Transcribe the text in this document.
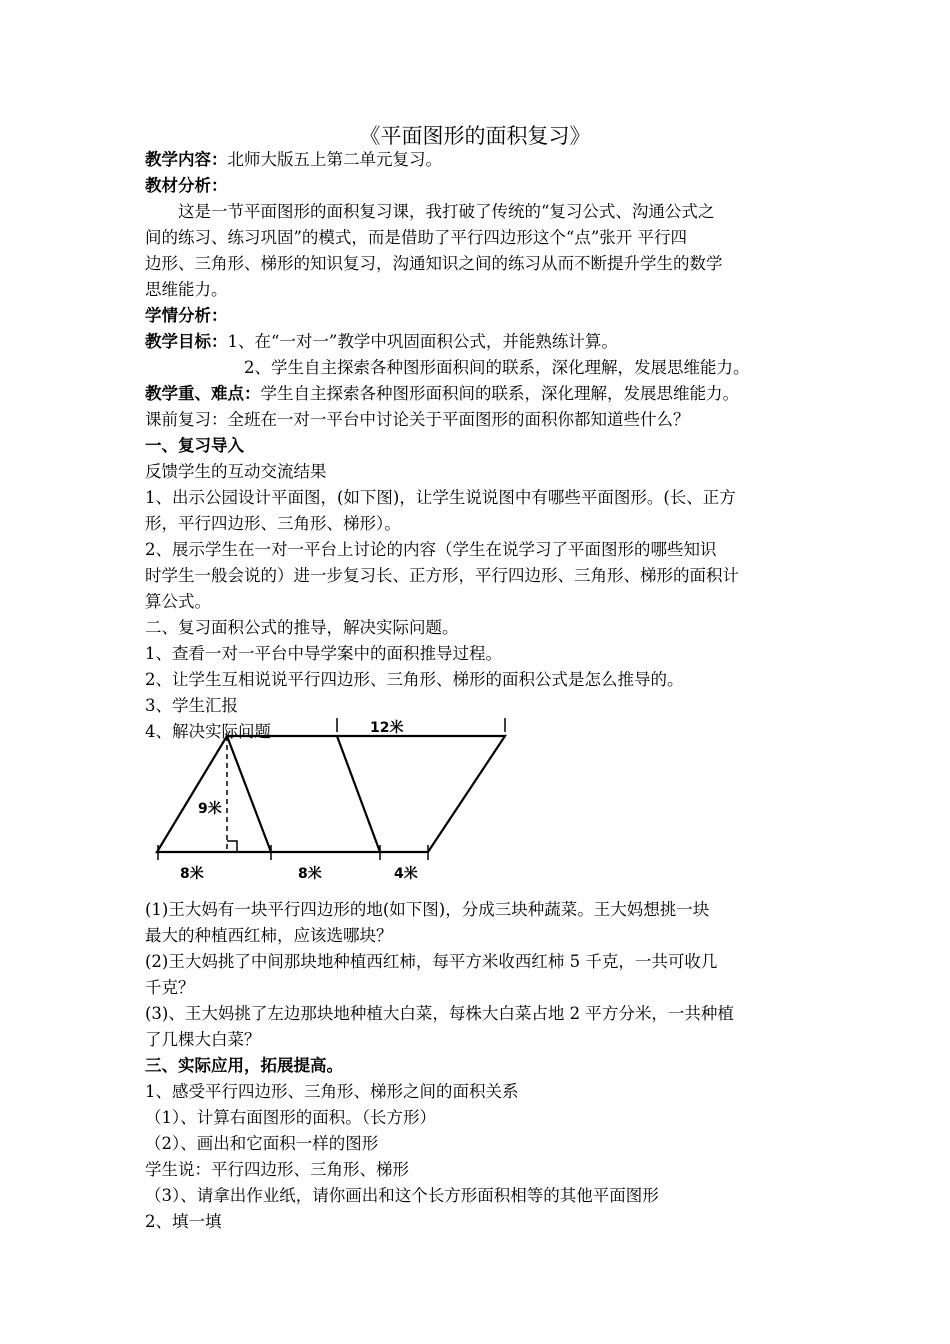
《平面图形的面积复习》
教学内容：北师大版五上第二单元复习。
教材分析：
这是一节平面图形的面积复习课，我打破了传统的“复习公式、沟通公式之
间的练习、练习巩固”的模式，而是借助了平行四边形这个“点”张开 平行四
边形、三角形、梯形的知识复习，沟通知识之间的练习从而不断提升学生的数学
思维能力。
学情分析：
教学目标：1、在“一对一”教学中巩固面积公式，并能熟练计算。
2、学生自主探索各种图形面积间的联系，深化理解，发展思维能力。
教学重、难点：学生自主探索各种图形面积间的联系，深化理解，发展思维能力。
课前复习：全班在一对一平台中讨论关于平面图形的面积你都知道些什么？
一、复习导入
反馈学生的互动交流结果
1、出示公园设计平面图，(如下图)，让学生说说图中有哪些平面图形。(长、正方
形，平行四边形、三角形、梯形）。
2、展示学生在一对一平台上讨论的内容（学生在说学习了平面图形的哪些知识
时学生一般会说的）进一步复习长、正方形，平行四边形、三角形、梯形的面积计
算公式。
二、复习面积公式的推导，解决实际问题。
1、查看一对一平台中导学案中的面积推导过程。
2、让学生互相说说平行四边形、三角形、梯形的面积公式是怎么推导的。
3、学生汇报
4、解决实际问题	12米
9米
8米	8米	4米
(1)王大妈有一块平行四边形的地(如下图)，分成三块种蔬菜。王大妈想挑一块
最大的种植西红柿，应该选哪块？
(2)王大妈挑了中间那块地种植西红柿，每平方米收西红柿 5 千克，一共可收几
千克？
(3)、王大妈挑了左边那块地种植大白菜，每株大白菜占地 2 平方分米，一共种植
了几棵大白菜？
三、实际应用，拓展提高。
1、感受平行四边形、三角形、梯形之间的面积关系
（1）、计算右面图形的面积。（长方形）
（2）、画出和它面积一样的图形
学生说：平行四边形、三角形、梯形
（3）、请拿出作业纸，请你画出和这个长方形面积相等的其他平面图形
2、填一填
